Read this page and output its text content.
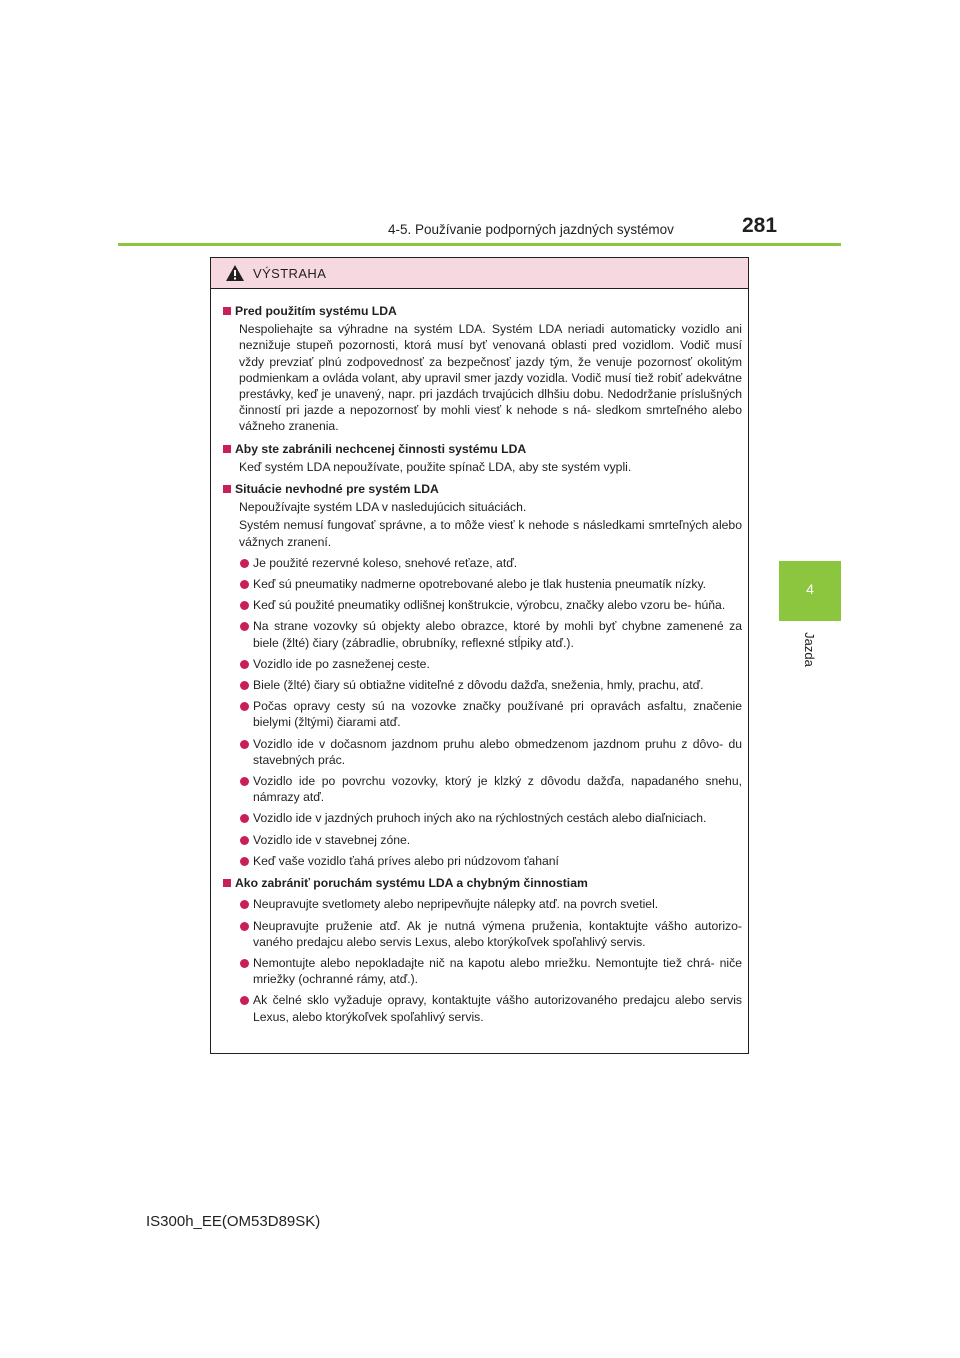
4-5. Používanie podporných jazdných systémov	281
4
Jazda
VÝSTRAHA
Pred použitím systému LDA
Nespoliehajte sa výhradne na systém LDA. Systém LDA neriadi automaticky vozidlo ani neznižuje stupeň pozornosti, ktorá musí byť venovaná oblasti pred vozidlom. Vodič musí vždy prevziať plnú zodpovednosť za bezpečnosť jazdy tým, že venuje pozornosť okolitým podmienkam a ovláda volant, aby upravil smer jazdy vozidla. Vodič musí tiež robiť adekvátne prestávky, keď je unavený, napr. pri jazdách trvajúcich dlhšiu dobu. Nedodržanie príslušných činností pri jazde a nepozornosť by mohli viesť k nehode s ná- sledkom smrteľného alebo vážneho zranenia.
Aby ste zabránili nechcenej činnosti systému LDA
Keď systém LDA nepoužívate, použite spínač LDA, aby ste systém vypli.
Situácie nevhodné pre systém LDA
Nepoužívajte systém LDA v nasledujúcich situáciách.
Systém nemusí fungovať správne, a to môže viesť k nehode s následkami smrteľných alebo vážnych zranení.
Je použité rezervné koleso, snehové reťaze, atď.
Keď sú pneumatiky nadmerne opotrebované alebo je tlak hustenia pneumatík nízky.
Keď sú použité pneumatiky odlišnej konštrukcie, výrobcu, značky alebo vzoru be- húňa.
Na strane vozovky sú objekty alebo obrazce, ktoré by mohli byť chybne zamenené za biele (žlté) čiary (zábradlie, obrubníky, reflexné stĺpiky atď.).
Vozidlo ide po zasneženej ceste.
Biele (žlté) čiary sú obtiažne viditeľné z dôvodu dažďa, sneženia, hmly, prachu, atď.
Počas opravy cesty sú na vozovke značky používané pri opravách asfaltu, značenie bielymi (žltými) čiarami atď.
Vozidlo ide v dočasnom jazdnom pruhu alebo obmedzenom jazdnom pruhu z dôvo- du stavebných prác.
Vozidlo ide po povrchu vozovky, ktorý je klzký z dôvodu dažďa, napadaného snehu, námrazy atď.
Vozidlo ide v jazdných pruhoch iných ako na rýchlostných cestách alebo diaľniciach.
Vozidlo ide v stavebnej zóne.
Keď vaše vozidlo ťahá príves alebo pri núdzovom ťahaní
Ako zabrániť poruchám systému LDA a chybným činnostiam
Neupravujte svetlomety alebo nepripevňujte nálepky atď. na povrch svetiel.
Neupravujte pruženie atď. Ak je nutná výmena pruženia, kontaktujte vášho autorizo- vaného predajcu alebo servis Lexus, alebo ktorýkoľvek spoľahlivý servis.
Nemontujte alebo nepokladajte nič na kapotu alebo mriežku. Nemontujte tiež chrá- niče mriežky (ochranné rámy, atď.).
Ak čelné sklo vyžaduje opravy, kontaktujte vášho autorizovaného predajcu alebo servis Lexus, alebo ktorýkoľvek spoľahlivý servis.
IS300h_EE(OM53D89SK)
